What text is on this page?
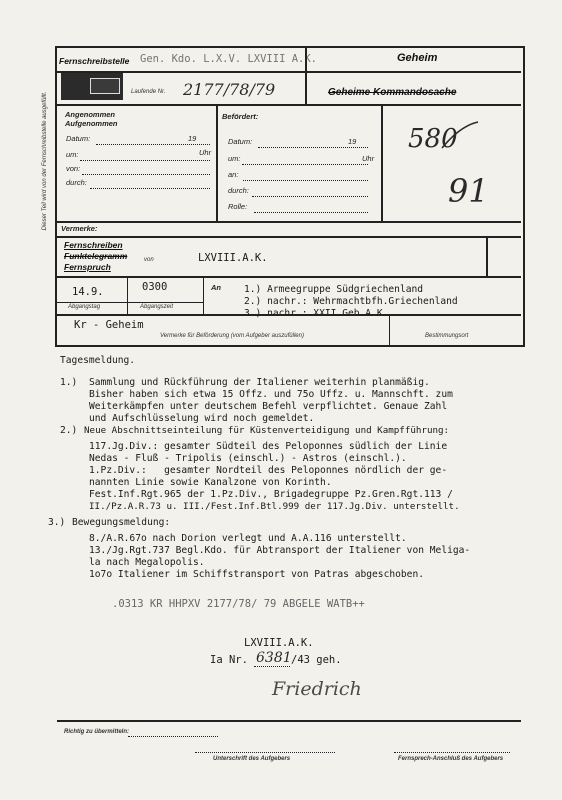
Fernschreibstelle Gen. Kdo. L.X.V. LXVIII A.K.	Geheim
Laufende Nr. 2177/78/79	Geheime Kommandosache
Dieser Teil wird von der Fernschreibstelle ausgefüllt. Angenommen
Aufgenommen
Datum:	19
um:	Uhr
von:
durch:
Befördert:
Datum:	19
um:	Uhr
an:
durch:
Rolle:
580
91
Vermerke:
Fernschreiben
Funktelegramm
Fernspruch
von	LXVIII.A.K.
14.9.	0300
Abgangstag	Abgangszeit
An 1.) Armeegruppe Südgriechenland
2.) nachr.: Wehrmachtbfh.Griechenland
3.) nachr.: XXII.Geb.A.K.
Kr - Geheim
Vermerke für Beförderung (vom Aufgeber auszufüllen)	Bestimmungsort
Tagesmeldung.
1.) Sammlung und Rückführung der Italiener weiterhin planmäßig.
Bisher haben sich etwa 15 Offz. und 75o Uffz. u. Mannschft. zum
Weiterkämpfen unter deutschem Befehl verpflichtet. Genaue Zahl
und Aufschlüsselung wird noch gemeldet.
2.) Neue Abschnittseinteilung für Küstenverteidigung und Kampfführung:
117.Jg.Div.: gesamter Südteil des Peloponnes südlich der Linie
Nedas - Fluß - Tripolis (einschl.) - Astros (einschl.).
1.Pz.Div.:   gesamter Nordteil des Peloponnes nördlich der ge-
nannten Linie sowie Kanalzone von Korinth.
Fest.Inf.Rgt.965 der 1.Pz.Div., Brigadegruppe Pz.Gren.Rgt.113 ∕
II./Pz.A.R.73 u. III./Fest.Inf.Btl.999 der 117.Jg.Div. unterstellt.
3.) Bewegungsmeldung:
8./A.R.67o nach Dorion verlegt und A.A.116 unterstellt.
13./Jg.Rgt.737 Begl.Kdo. für Abtransport der Italiener von Meliga-
la nach Megalopolis.
1o7o Italiener im Schiffstransport von Patras abgeschoben.
.0313 KR HHPXV 2177/78/ 79 ABGELE WATB++
LXVIII.A.K.
Ia Nr. 6381 /43 geh.
Friedrich
Richtig zu übermitteln:
Unterschrift des Aufgebers	Fernsprech-Anschluß des Aufgebers
